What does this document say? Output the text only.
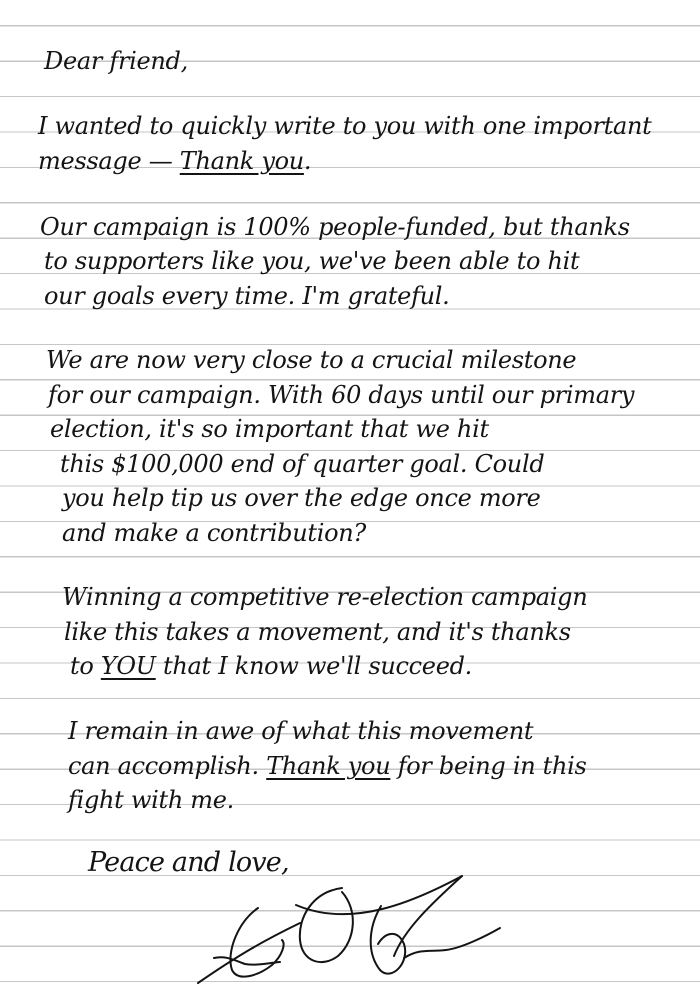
Dear friend,

I wanted to quickly write to you with one important

message — Thank you.

Our campaign is 100% people-funded, but thanks

to supporters like you, we've been able to hit

our goals every time. I'm grateful.

We are now very close to a crucial milestone

for our campaign. With 60 days until our primary

election, it's so important that we hit

this $100,000 end of quarter goal. Could

you help tip us over the edge once more

and make a contribution?

Winning a competitive re-election campaign

like this takes a movement, and it's thanks

to YOU that I know we'll succeed.

I remain in awe of what this movement

can accomplish. Thank you for being in this

fight with me.

Peace and love,
